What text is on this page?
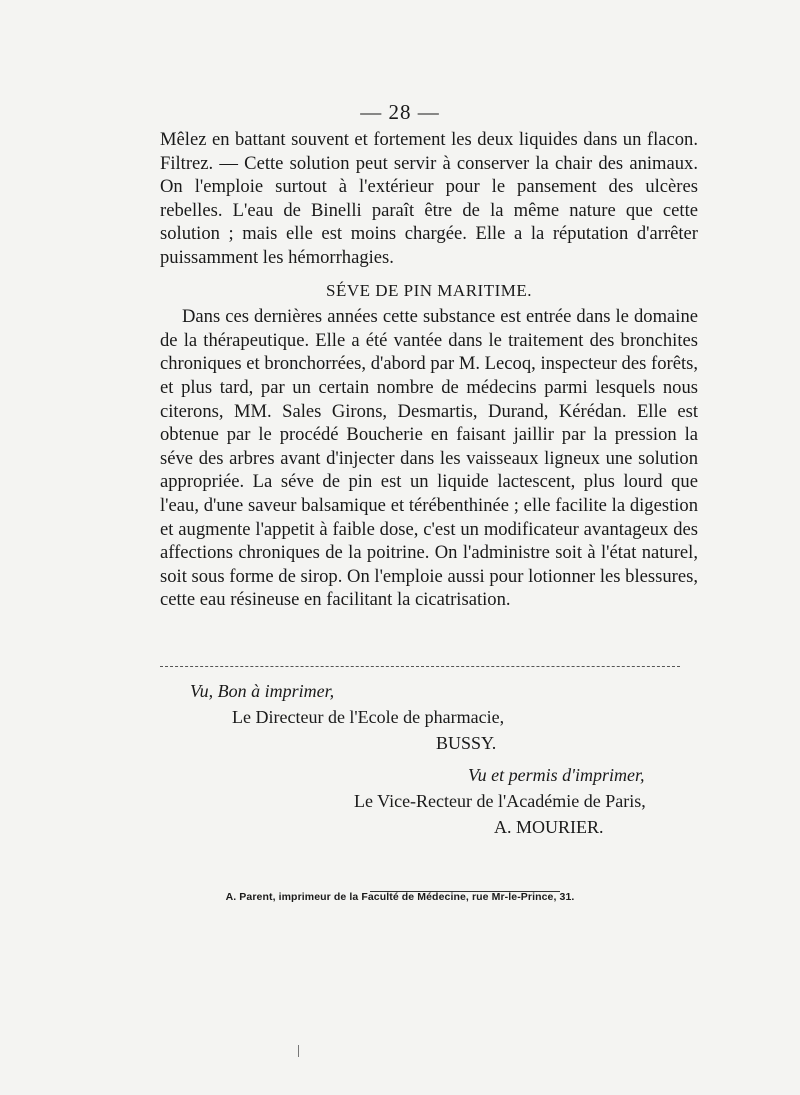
— 28 —

Mêlez en battant souvent et fortement les deux liquides dans un flacon. Filtrez. — Cette solution peut servir à conserver la chair des animaux. On l'emploie surtout à l'extérieur pour le pansement des ulcères rebelles. L'eau de Binelli paraît être de la même nature que cette solution ; mais elle est moins chargée. Elle a la réputation d'arrêter puissamment les hémorrhagies.

SÉVE DE PIN MARITIME.

Dans ces dernières années cette substance est entrée dans le domaine de la thérapeutique. Elle a été vantée dans le traitement des bronchites chroniques et bronchorrées, d'abord par M. Lecoq, inspecteur des forêts, et plus tard, par un certain nombre de médecins parmi lesquels nous citerons, MM. Sales Girons, Desmartis, Durand, Kérédan. Elle est obtenue par le procédé Boucherie en faisant jaillir par la pression la séve des arbres avant d'injecter dans les vaisseaux ligneux une solution appropriée. La séve de pin est un liquide lactescent, plus lourd que l'eau, d'une saveur balsamique et térébenthinée ; elle facilite la digestion et augmente l'appetit à faible dose, c'est un modificateur avantageux des affections chroniques de la poitrine. On l'administre soit à l'état naturel, soit sous forme de sirop. On l'emploie aussi pour lotionner les blessures, cette eau résineuse en facilitant la cicatrisation.

Vu, Bon à imprimer,
Le Directeur de l'Ecole de pharmacie,
BUSSY.
Vu et permis d'imprimer,
Le Vice-Recteur de l'Académie de Paris,
A. MOURIER.
A. Parent, imprimeur de la Faculté de Médecine, rue Mr-le-Prince, 31.
